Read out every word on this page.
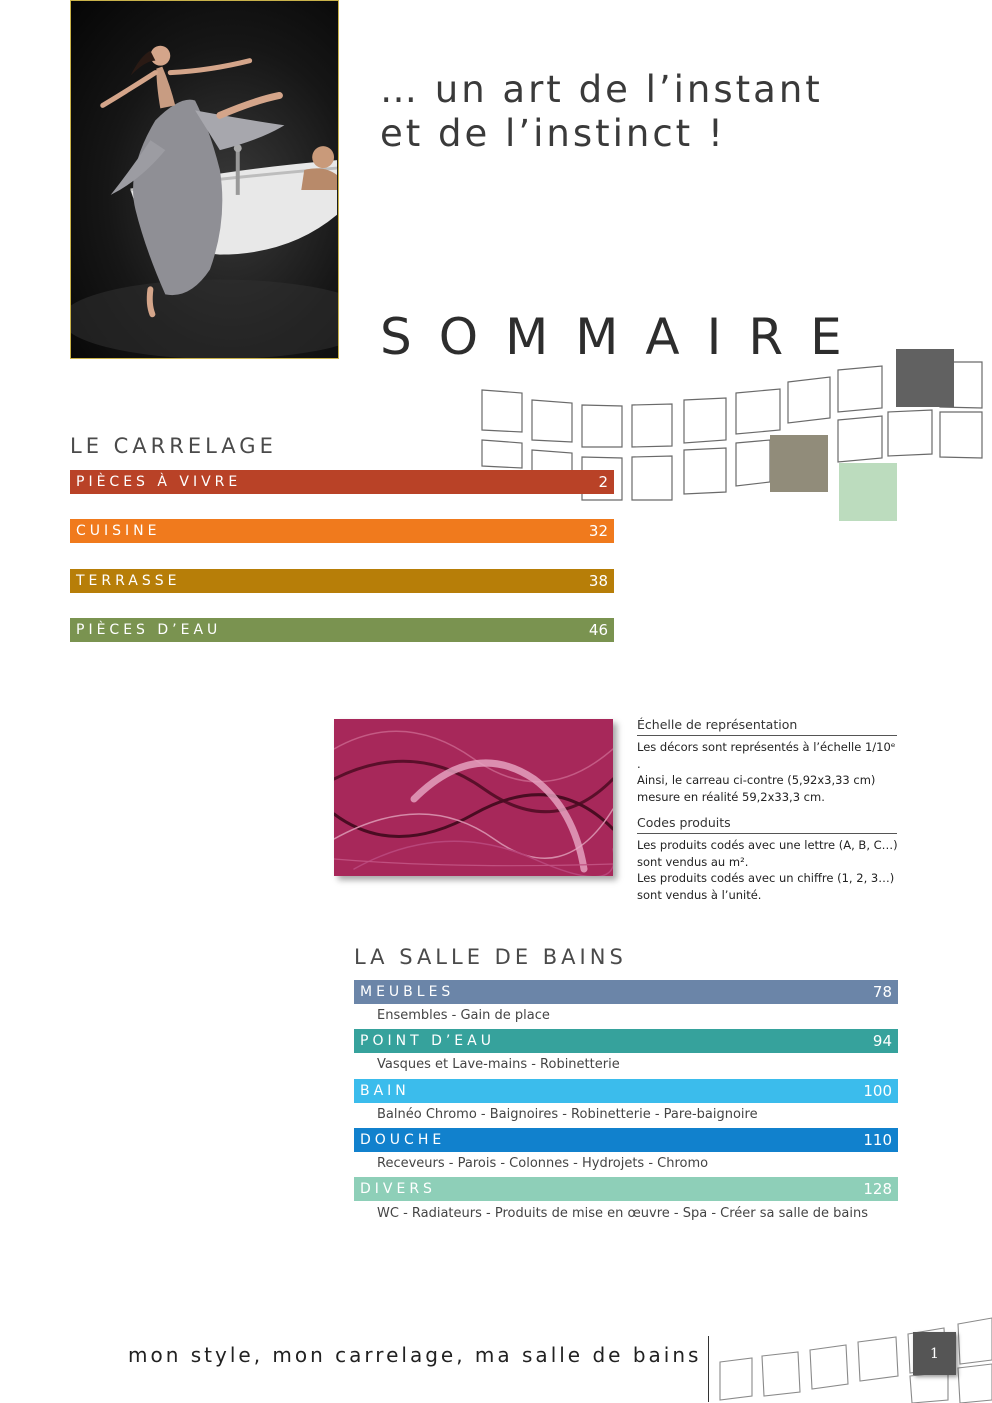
… un art de l’instant
et de l’instinct !
SOMMAIRE
LE CARRELAGE
PIÈCES À VIVRE	2
CUISINE	32
TERRASSE	38
PIÈCES D’EAU	46
Échelle de représentation
Les décors sont représentés à l’échelle 1/10ᵉ .
Ainsi, le carreau ci-contre (5,92x3,33 cm)
mesure en réalité 59,2x33,3 cm.
Codes produits
Les produits codés avec une lettre (A, B, C…)
sont vendus au m².
Les produits codés avec un chiffre (1, 2, 3…)
sont vendus à l’unité.
LA SALLE DE BAINS
MEUBLES	78
Ensembles - Gain de place
POINT D’EAU	94
Vasques et Lave-mains - Robinetterie
BAIN	100
Balnéo Chromo - Baignoires - Robinetterie - Pare-baignoire
DOUCHE	110
Receveurs - Parois - Colonnes - Hydrojets - Chromo
DIVERS	128
WC - Radiateurs - Produits de mise en œuvre - Spa - Créer sa salle de bains
mon style, mon carrelage, ma salle de bains	1
